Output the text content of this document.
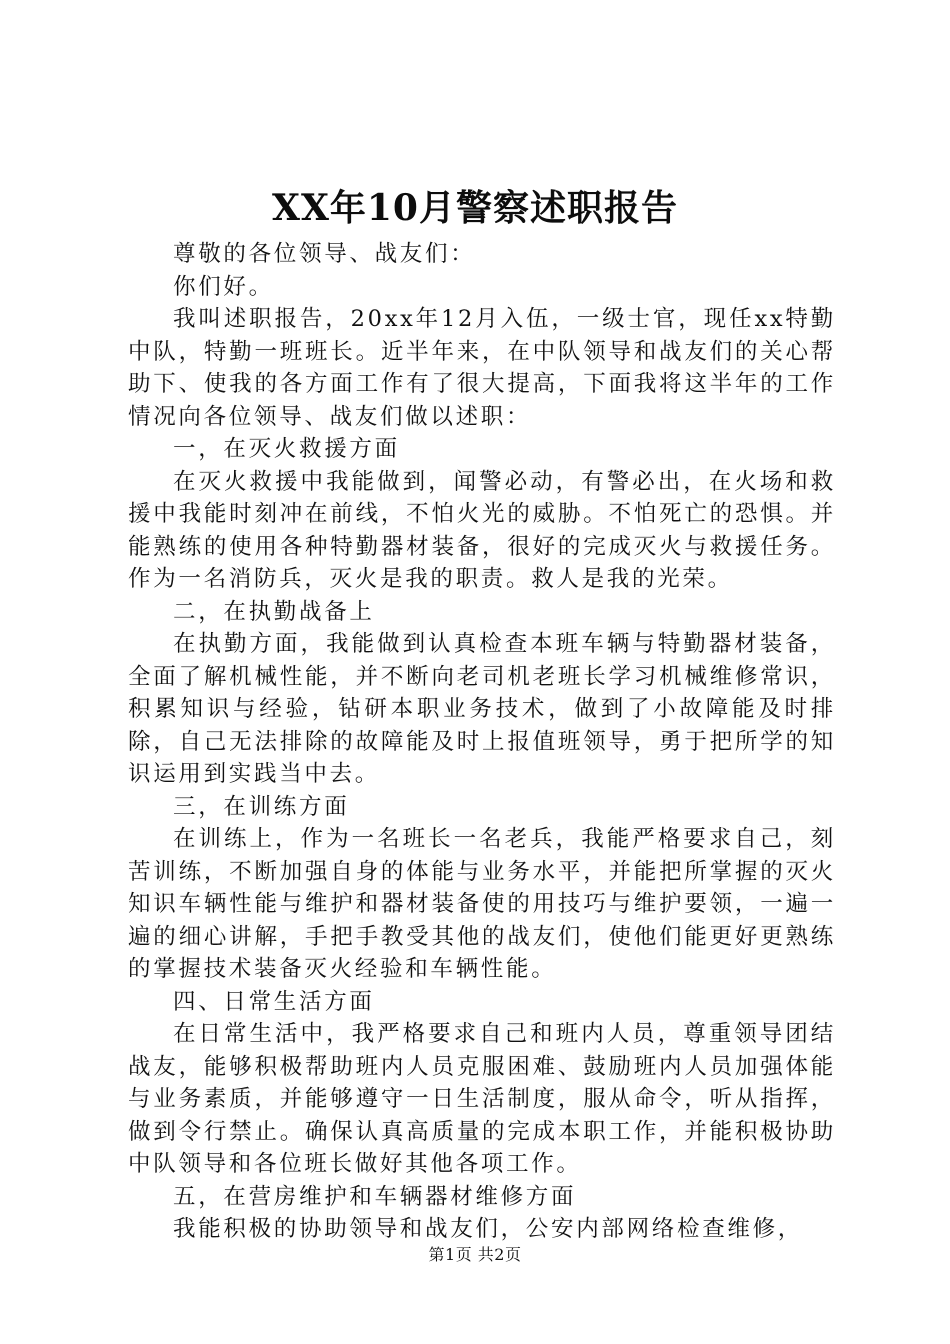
XX年10月警察述职报告

尊敬的各位领导、战友们：

你们好。

我叫述职报告，20xx年12月入伍，一级士官，现任xx特勤中队，特勤一班班长。近半年来，在中队领导和战友们的关心帮助下、使我的各方面工作有了很大提高，下面我将这半年的工作情况向各位领导、战友们做以述职：

一，在灭火救援方面

在灭火救援中我能做到，闻警必动，有警必出，在火场和救援中我能时刻冲在前线，不怕火光的威胁。不怕死亡的恐惧。并能熟练的使用各种特勤器材装备，很好的完成灭火与救援任务。作为一名消防兵，灭火是我的职责。救人是我的光荣。

二，在执勤战备上

在执勤方面，我能做到认真检查本班车辆与特勤器材装备，全面了解机械性能，并不断向老司机老班长学习机械维修常识，积累知识与经验，钻研本职业务技术，做到了小故障能及时排除，自己无法排除的故障能及时上报值班领导，勇于把所学的知识运用到实践当中去。

三，在训练方面

在训练上，作为一名班长一名老兵，我能严格要求自己，刻苦训练，不断加强自身的体能与业务水平，并能把所掌握的灭火知识车辆性能与维护和器材装备使的用技巧与维护要领，一遍一遍的细心讲解，手把手教受其他的战友们，使他们能更好更熟练的掌握技术装备灭火经验和车辆性能。

四、日常生活方面

在日常生活中，我严格要求自己和班内人员，尊重领导团结战友，能够积极帮助班内人员克服困难、鼓励班内人员加强体能与业务素质，并能够遵守一日生活制度，服从命令，听从指挥，做到令行禁止。确保认真高质量的完成本职工作，并能积极协助中队领导和各位班长做好其他各项工作。

五，在营房维护和车辆器材维修方面

我能积极的协助领导和战友们，公安内部网络检查维修，

第1页 共2页
